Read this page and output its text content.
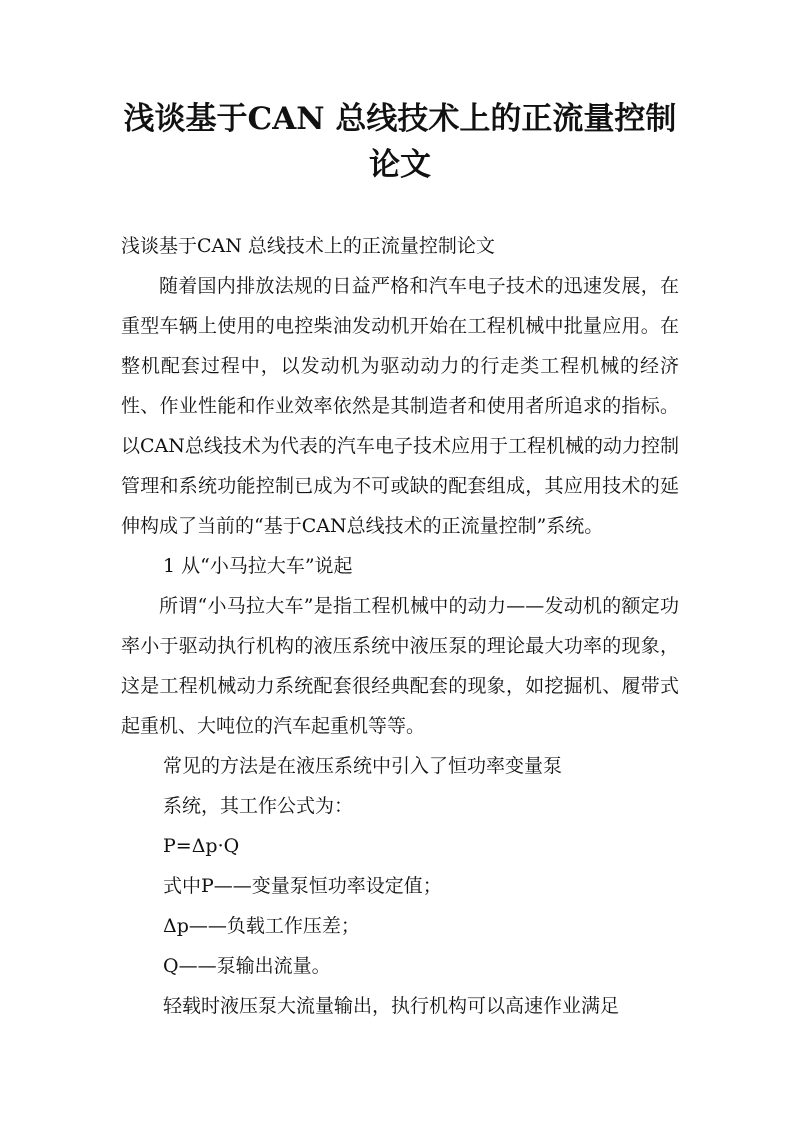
浅谈基于CAN 总线技术上的正流量控制论文

浅谈基于CAN 总线技术上的正流量控制论文

随着国内排放法规的日益严格和汽车电子技术的迅速发展，在重型车辆上使用的电控柴油发动机开始在工程机械中批量应用。在整机配套过程中，以发动机为驱动动力的行走类工程机械的经济性、作业性能和作业效率依然是其制造者和使用者所追求的指标。以CAN总线技术为代表的汽车电子技术应用于工程机械的动力控制管理和系统功能控制已成为不可或缺的配套组成，其应用技术的延伸构成了当前的“基于CAN总线技术的正流量控制”系统。

1 从“小马拉大车”说起

所谓“小马拉大车”是指工程机械中的动力——发动机的额定功率小于驱动执行机构的液压系统中液压泵的理论最大功率的现象，这是工程机械动力系统配套很经典配套的现象，如挖掘机、履带式起重机、大吨位的汽车起重机等等。

常见的方法是在液压系统中引入了恒功率变量泵

系统，其工作公式为：

P=Δp·Q

式中P——变量泵恒功率设定值；

Δp——负载工作压差；

Q——泵输出流量。

轻载时液压泵大流量输出，执行机构可以高速作业满足
